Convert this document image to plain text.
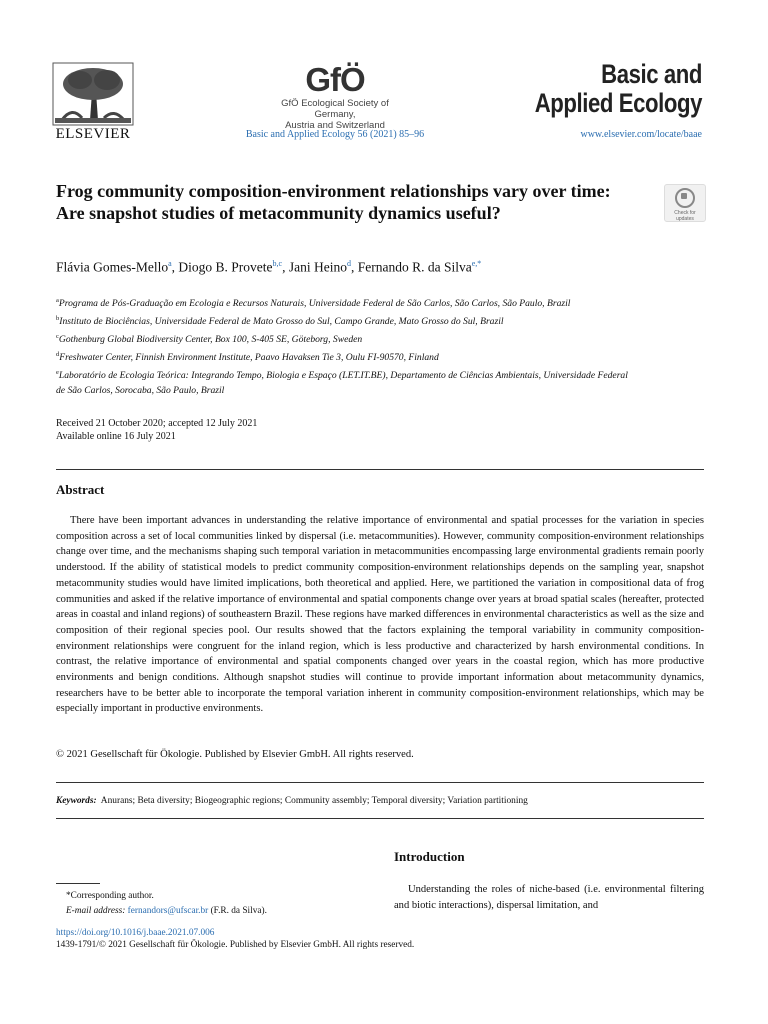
ELSEVIER
GfÖ
GfÖ Ecological Society of Germany,
Austria and Switzerland
Basic and Applied Ecology 56 (2021) 85–96
Basic and
Applied Ecology
www.elsevier.com/locate/baae
Frog community composition-environment relationships vary over time: Are snapshot studies of metacommunity dynamics useful?	Check for
updates
Flávia Gomes-Mello$^a$, Diogo B. Provete$^{b,c}$, Jani Heino$^d$, Fernando R. da Silva$^{e,*}$
$^a$Programa de Pós-Graduação em Ecologia e Recursos Naturais, Universidade Federal de São Carlos, São Carlos, São Paulo, Brazil
$^b$Instituto de Biociências, Universidade Federal de Mato Grosso do Sul, Campo Grande, Mato Grosso do Sul, Brazil
$^c$Gothenburg Global Biodiversity Center, Box 100, S-405 SE, Göteborg, Sweden
$^d$Freshwater Center, Finnish Environment Institute, Paavo Havaksen Tie 3, Oulu FI-90570, Finland
$^e$Laboratório de Ecologia Teórica: Integrando Tempo, Biologia e Espaço (LET.IT.BE), Departamento de Ciências Ambientais, Universidade Federal de São Carlos, Sorocaba, São Paulo, Brazil
Received 21 October 2020; accepted 12 July 2021
Available online 16 July 2021
Abstract
There have been important advances in understanding the relative importance of environmental and spatial processes for the variation in species composition across a set of local communities linked by dispersal (i.e. metacommunities). However, community composition-environment relationships change over time, and the mechanisms shaping such temporal variation in metacommunities encompassing large environmental gradients remain poorly understood. If the ability of statistical models to predict community composition-environment relationships depends on the sampling year, snapshot metacommunity studies would have limited implications, both theoretical and applied. Here, we partitioned the variation in compositional data of frog communities and asked if the relative importance of environmental and spatial components change over years at broad spatial scales (hereafter, protected areas in coastal and inland regions) of southeastern Brazil. These regions have marked differences in environmental characteristics as well as the size and composition of their regional species pool. Our results showed that the factors explaining the temporal variability in community composition-environment relationships were congruent for the inland region, which is less productive and characterized by harsh environmental conditions. In contrast, the relative importance of environmental and spatial components changed over years in the coastal region, which has more productive environments and benign conditions. Although snapshot studies will continue to provide important information about metacommunity dynamics, researchers have to be better able to incorporate the temporal variation inherent in community composition-environment relationships, which may be especially important in productive environments.
© 2021 Gesellschaft für Ökologie. Published by Elsevier GmbH. All rights reserved.
Keywords: Anurans; Beta diversity; Biogeographic regions; Community assembly; Temporal diversity; Variation partitioning
Introduction
Understanding the roles of niche-based (i.e. environmental filtering and biotic interactions), dispersal limitation, and
*Corresponding author.
E-mail address: fernandors@ufscar.br (F.R. da Silva).
https://doi.org/10.1016/j.baae.2021.07.006
1439-1791/© 2021 Gesellschaft für Ökologie. Published by Elsevier GmbH. All rights reserved.
